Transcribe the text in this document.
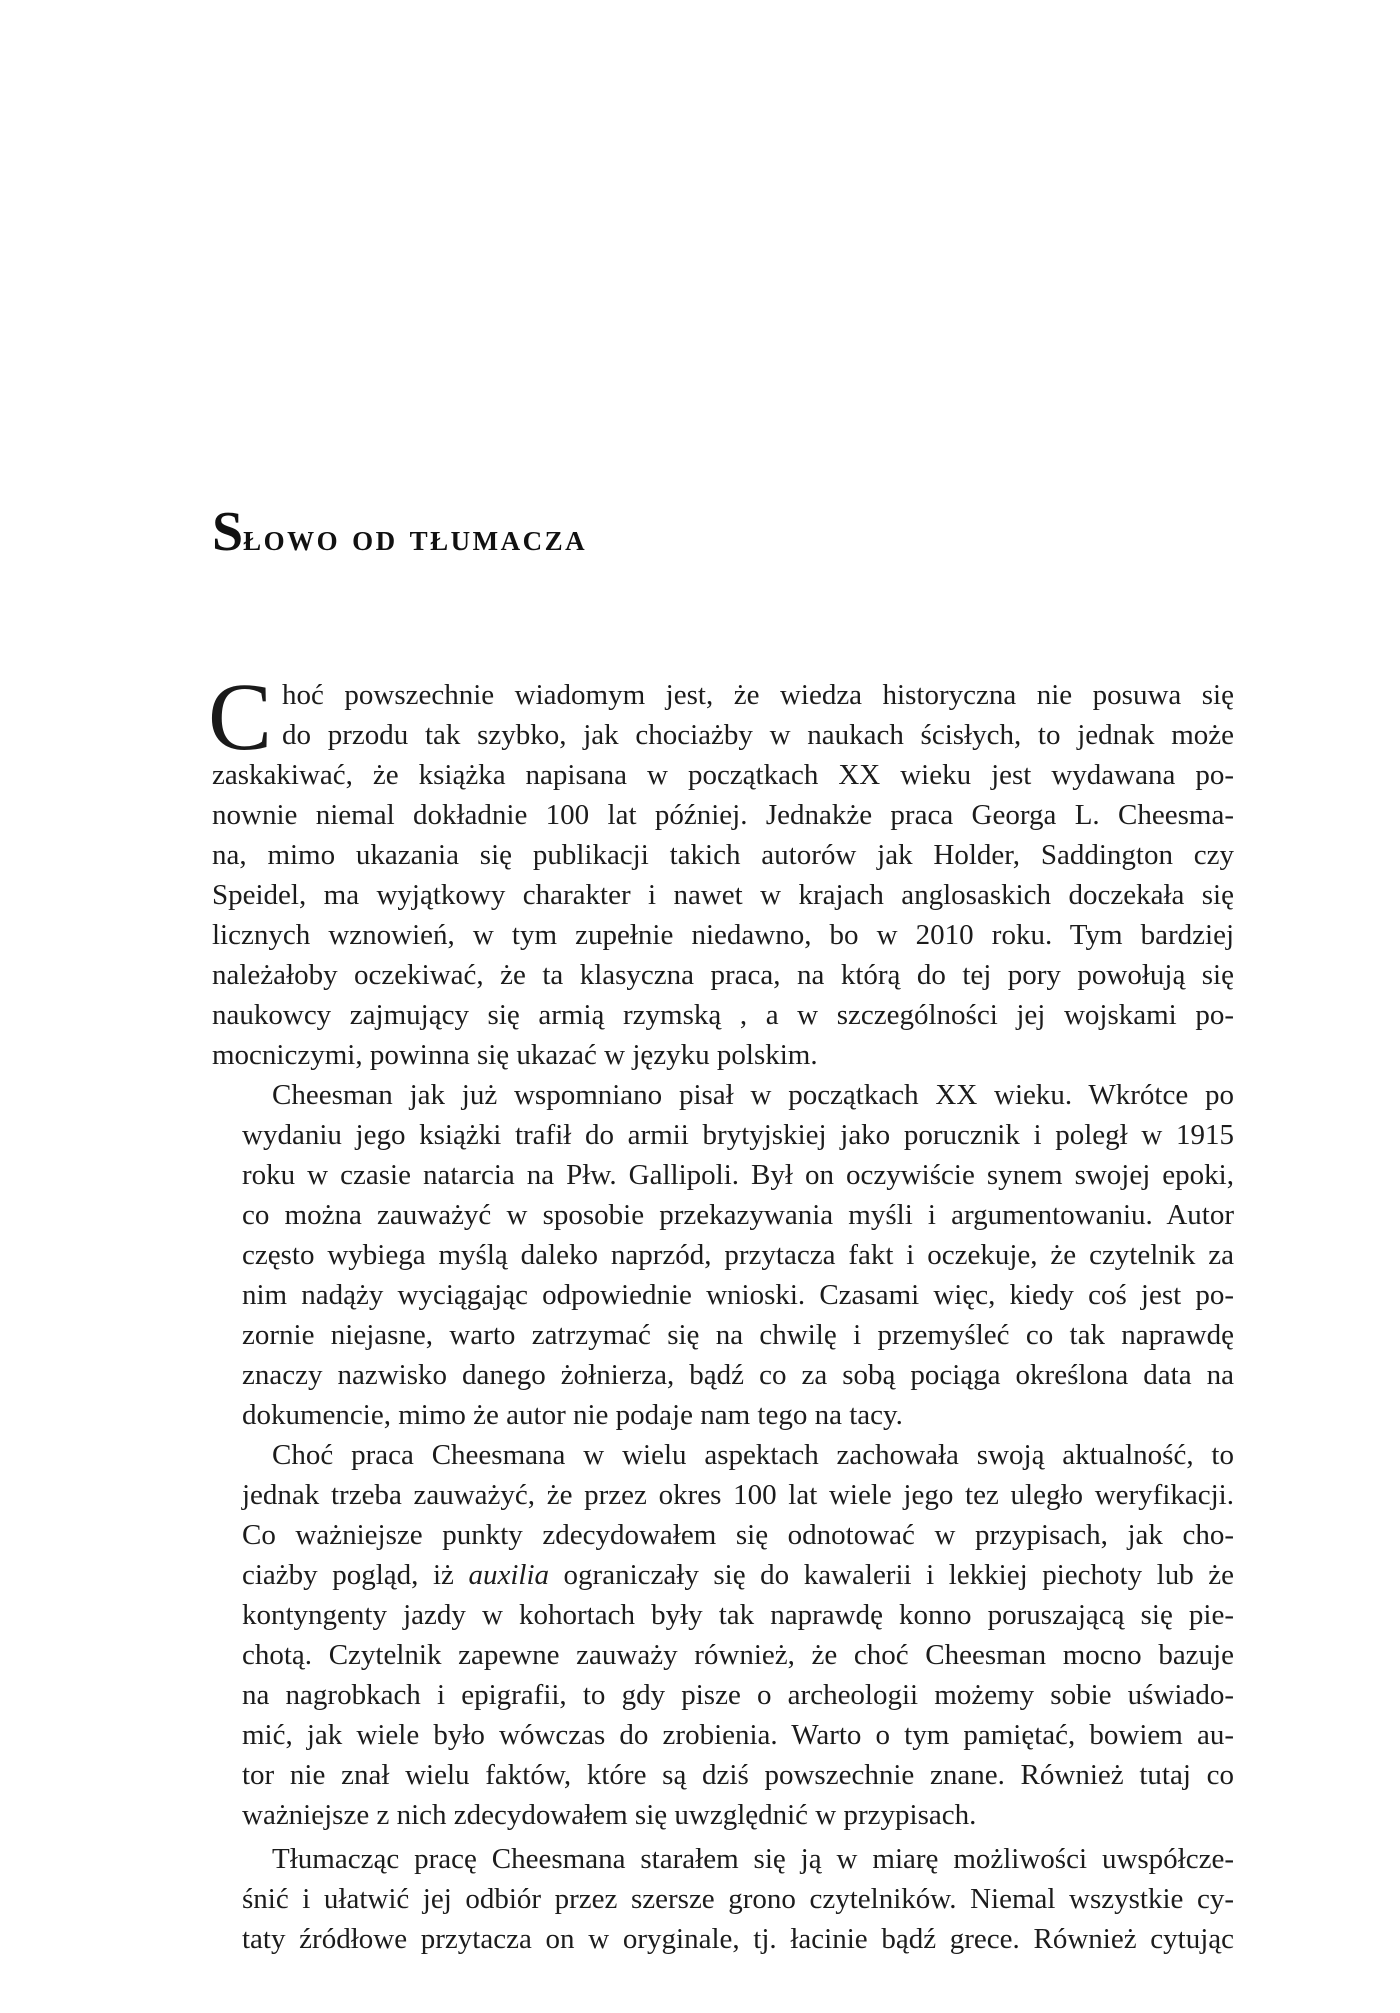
Słowo od tłumacza
C hoć powszechnie wiadomym jest, że wiedza historyczna nie posuwa się
do przodu tak szybko, jak chociażby w naukach ścisłych, to jednak może
zaskakiwać, że książka napisana w początkach XX wieku jest wydawana po-
nownie niemal dokładnie 100 lat później. Jednakże praca Georga L. Cheesma-
na, mimo ukazania się publikacji takich autorów jak Holder, Saddington czy
Speidel, ma wyjątkowy charakter i nawet w krajach anglosaskich doczekała się
licznych wznowień, w tym zupełnie niedawno, bo w 2010 roku. Tym bardziej
należałoby oczekiwać, że ta klasyczna praca, na którą do tej pory powołują się
naukowcy zajmujący się armią rzymską , a w szczególności jej wojskami po-
mocniczymi, powinna się ukazać w języku polskim.
Cheesman jak już wspomniano pisał w początkach XX wieku. Wkrótce po
wydaniu jego książki trafił do armii brytyjskiej jako porucznik i poległ w 1915
roku w czasie natarcia na Płw. Gallipoli. Był on oczywiście synem swojej epoki,
co można zauważyć w sposobie przekazywania myśli i argumentowaniu. Autor
często wybiega myślą daleko naprzód, przytacza fakt i oczekuje, że czytelnik za
nim nadąży wyciągając odpowiednie wnioski. Czasami więc, kiedy coś jest po-
zornie niejasne, warto zatrzymać się na chwilę i przemyśleć co tak naprawdę
znaczy nazwisko danego żołnierza, bądź co za sobą pociąga określona data na
dokumencie, mimo że autor nie podaje nam tego na tacy.
Choć praca Cheesmana w wielu aspektach zachowała swoją aktualność, to
jednak trzeba zauważyć, że przez okres 100 lat wiele jego tez uległo weryfikacji.
Co ważniejsze punkty zdecydowałem się odnotować w przypisach, jak cho-
ciażby pogląd, iż auxilia ograniczały się do kawalerii i lekkiej piechoty lub że
kontyngenty jazdy w kohortach były tak naprawdę konno poruszającą się pie-
chotą. Czytelnik zapewne zauważy również, że choć Cheesman mocno bazuje
na nagrobkach i epigrafii, to gdy pisze o archeologii możemy sobie uświado-
mić, jak wiele było wówczas do zrobienia. Warto o tym pamiętać, bowiem au-
tor nie znał wielu faktów, które są dziś powszechnie znane. Również tutaj co
ważniejsze z nich zdecydowałem się uwzględnić w przypisach.
Tłumacząc pracę Cheesmana starałem się ją w miarę możliwości uwspółcze-
śnić i ułatwić jej odbiór przez szersze grono czytelników. Niemal wszystkie cy-
taty źródłowe przytacza on w oryginale, tj. łacinie bądź grece. Również cytując
